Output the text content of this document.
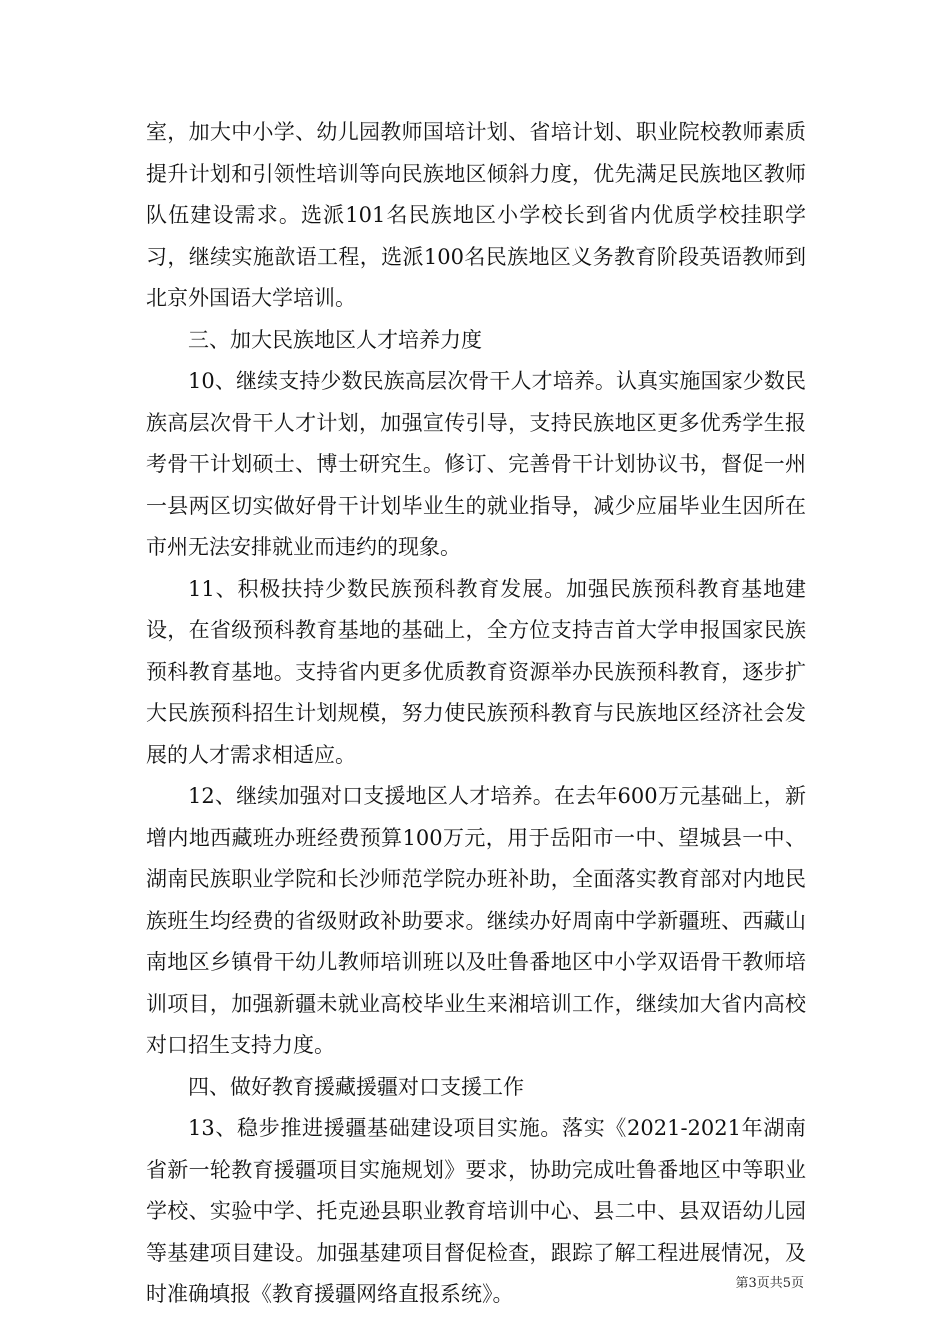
室，加大中小学、幼儿园教师国培计划、省培计划、职业院校教师素质提升计划和引领性培训等向民族地区倾斜力度，优先满足民族地区教师队伍建设需求。选派101名民族地区小学校长到省内优质学校挂职学习，继续实施歆语工程，选派100名民族地区义务教育阶段英语教师到北京外国语大学培训。

三、加大民族地区人才培养力度

10、继续支持少数民族高层次骨干人才培养。认真实施国家少数民族高层次骨干人才计划，加强宣传引导，支持民族地区更多优秀学生报考骨干计划硕士、博士研究生。修订、完善骨干计划协议书，督促一州一县两区切实做好骨干计划毕业生的就业指导，减少应届毕业生因所在市州无法安排就业而违约的现象。

11、积极扶持少数民族预科教育发展。加强民族预科教育基地建设，在省级预科教育基地的基础上，全方位支持吉首大学申报国家民族预科教育基地。支持省内更多优质教育资源举办民族预科教育，逐步扩大民族预科招生计划规模，努力使民族预科教育与民族地区经济社会发展的人才需求相适应。

12、继续加强对口支援地区人才培养。在去年600万元基础上，新增内地西藏班办班经费预算100万元，用于岳阳市一中、望城县一中、湖南民族职业学院和长沙师范学院办班补助，全面落实教育部对内地民族班生均经费的省级财政补助要求。继续办好周南中学新疆班、西藏山南地区乡镇骨干幼儿教师培训班以及吐鲁番地区中小学双语骨干教师培训项目，加强新疆未就业高校毕业生来湘培训工作，继续加大省内高校对口招生支持力度。

四、做好教育援藏援疆对口支援工作

13、稳步推进援疆基础建设项目实施。落实《2021-2021年湖南省新一轮教育援疆项目实施规划》要求，协助完成吐鲁番地区中等职业学校、实验中学、托克逊县职业教育培训中心、县二中、县双语幼儿园等基建项目建设。加强基建项目督促检查，跟踪了解工程进展情况，及时准确填报《教育援疆网络直报系统》。	第3页共5页
